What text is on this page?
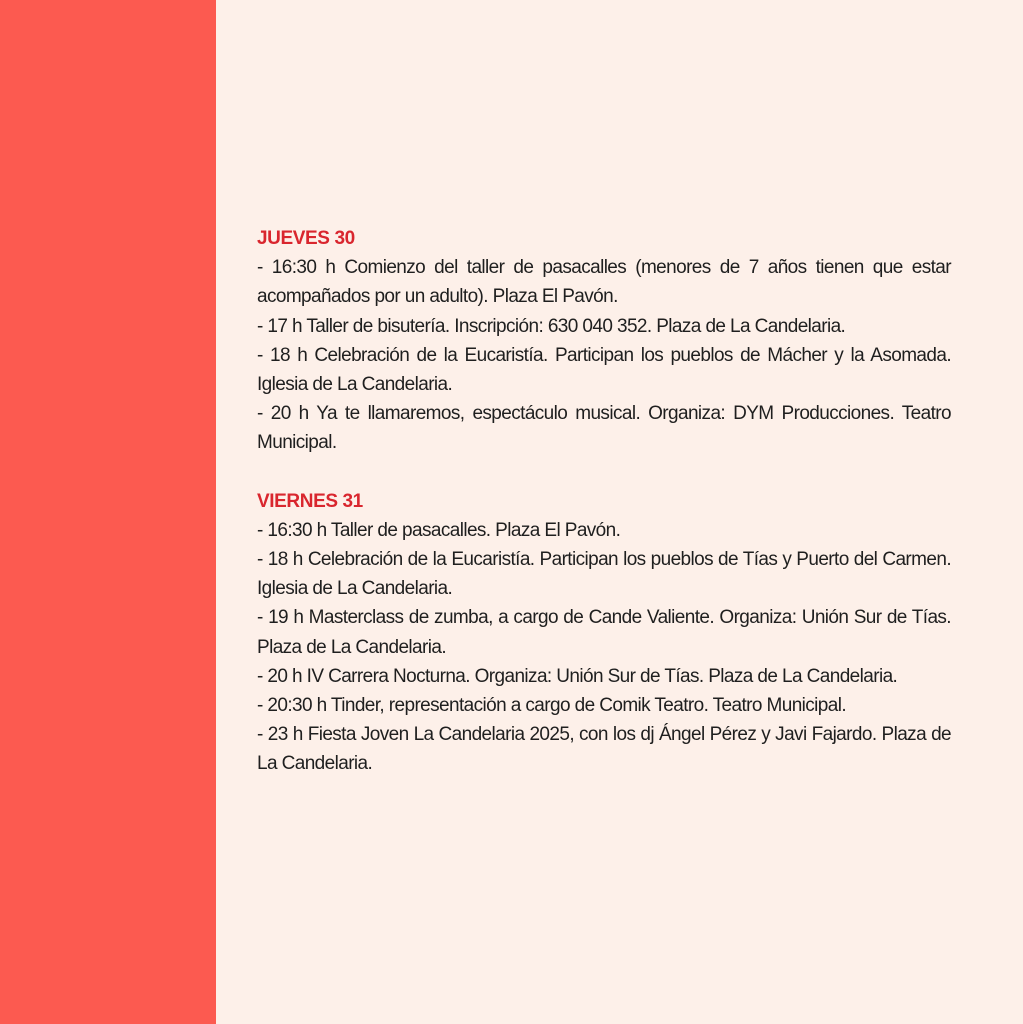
JUEVES 30

- 16:30 h Comienzo del taller de pasacalles (menores de 7 años tienen que estar acompañados por un adulto). Plaza El Pavón.

- 17 h Taller de bisutería. Inscripción: 630 040 352. Plaza de La Candelaria.

- 18 h Celebración de la Eucaristía. Participan los pueblos de Mácher y la Asomada. Iglesia de La Candelaria.

- 20 h Ya te llamaremos, espectáculo musical. Organiza: DYM Producciones. Teatro Municipal.

VIERNES 31

- 16:30 h Taller de pasacalles. Plaza El Pavón.

- 18 h Celebración de la Eucaristía. Participan los pueblos de Tías y Puerto del Carmen. Iglesia de La Candelaria.

- 19 h Masterclass de zumba, a cargo de Cande Valiente. Organiza: Unión Sur de Tías. Plaza de La Candelaria.

- 20 h IV Carrera Nocturna. Organiza: Unión Sur de Tías. Plaza de La Candelaria.

- 20:30 h Tinder, representación a cargo de Comik Teatro. Teatro Municipal.

- 23 h Fiesta Joven La Candelaria 2025, con los dj Ángel Pérez y Javi Fajardo. Plaza de La Candelaria.
